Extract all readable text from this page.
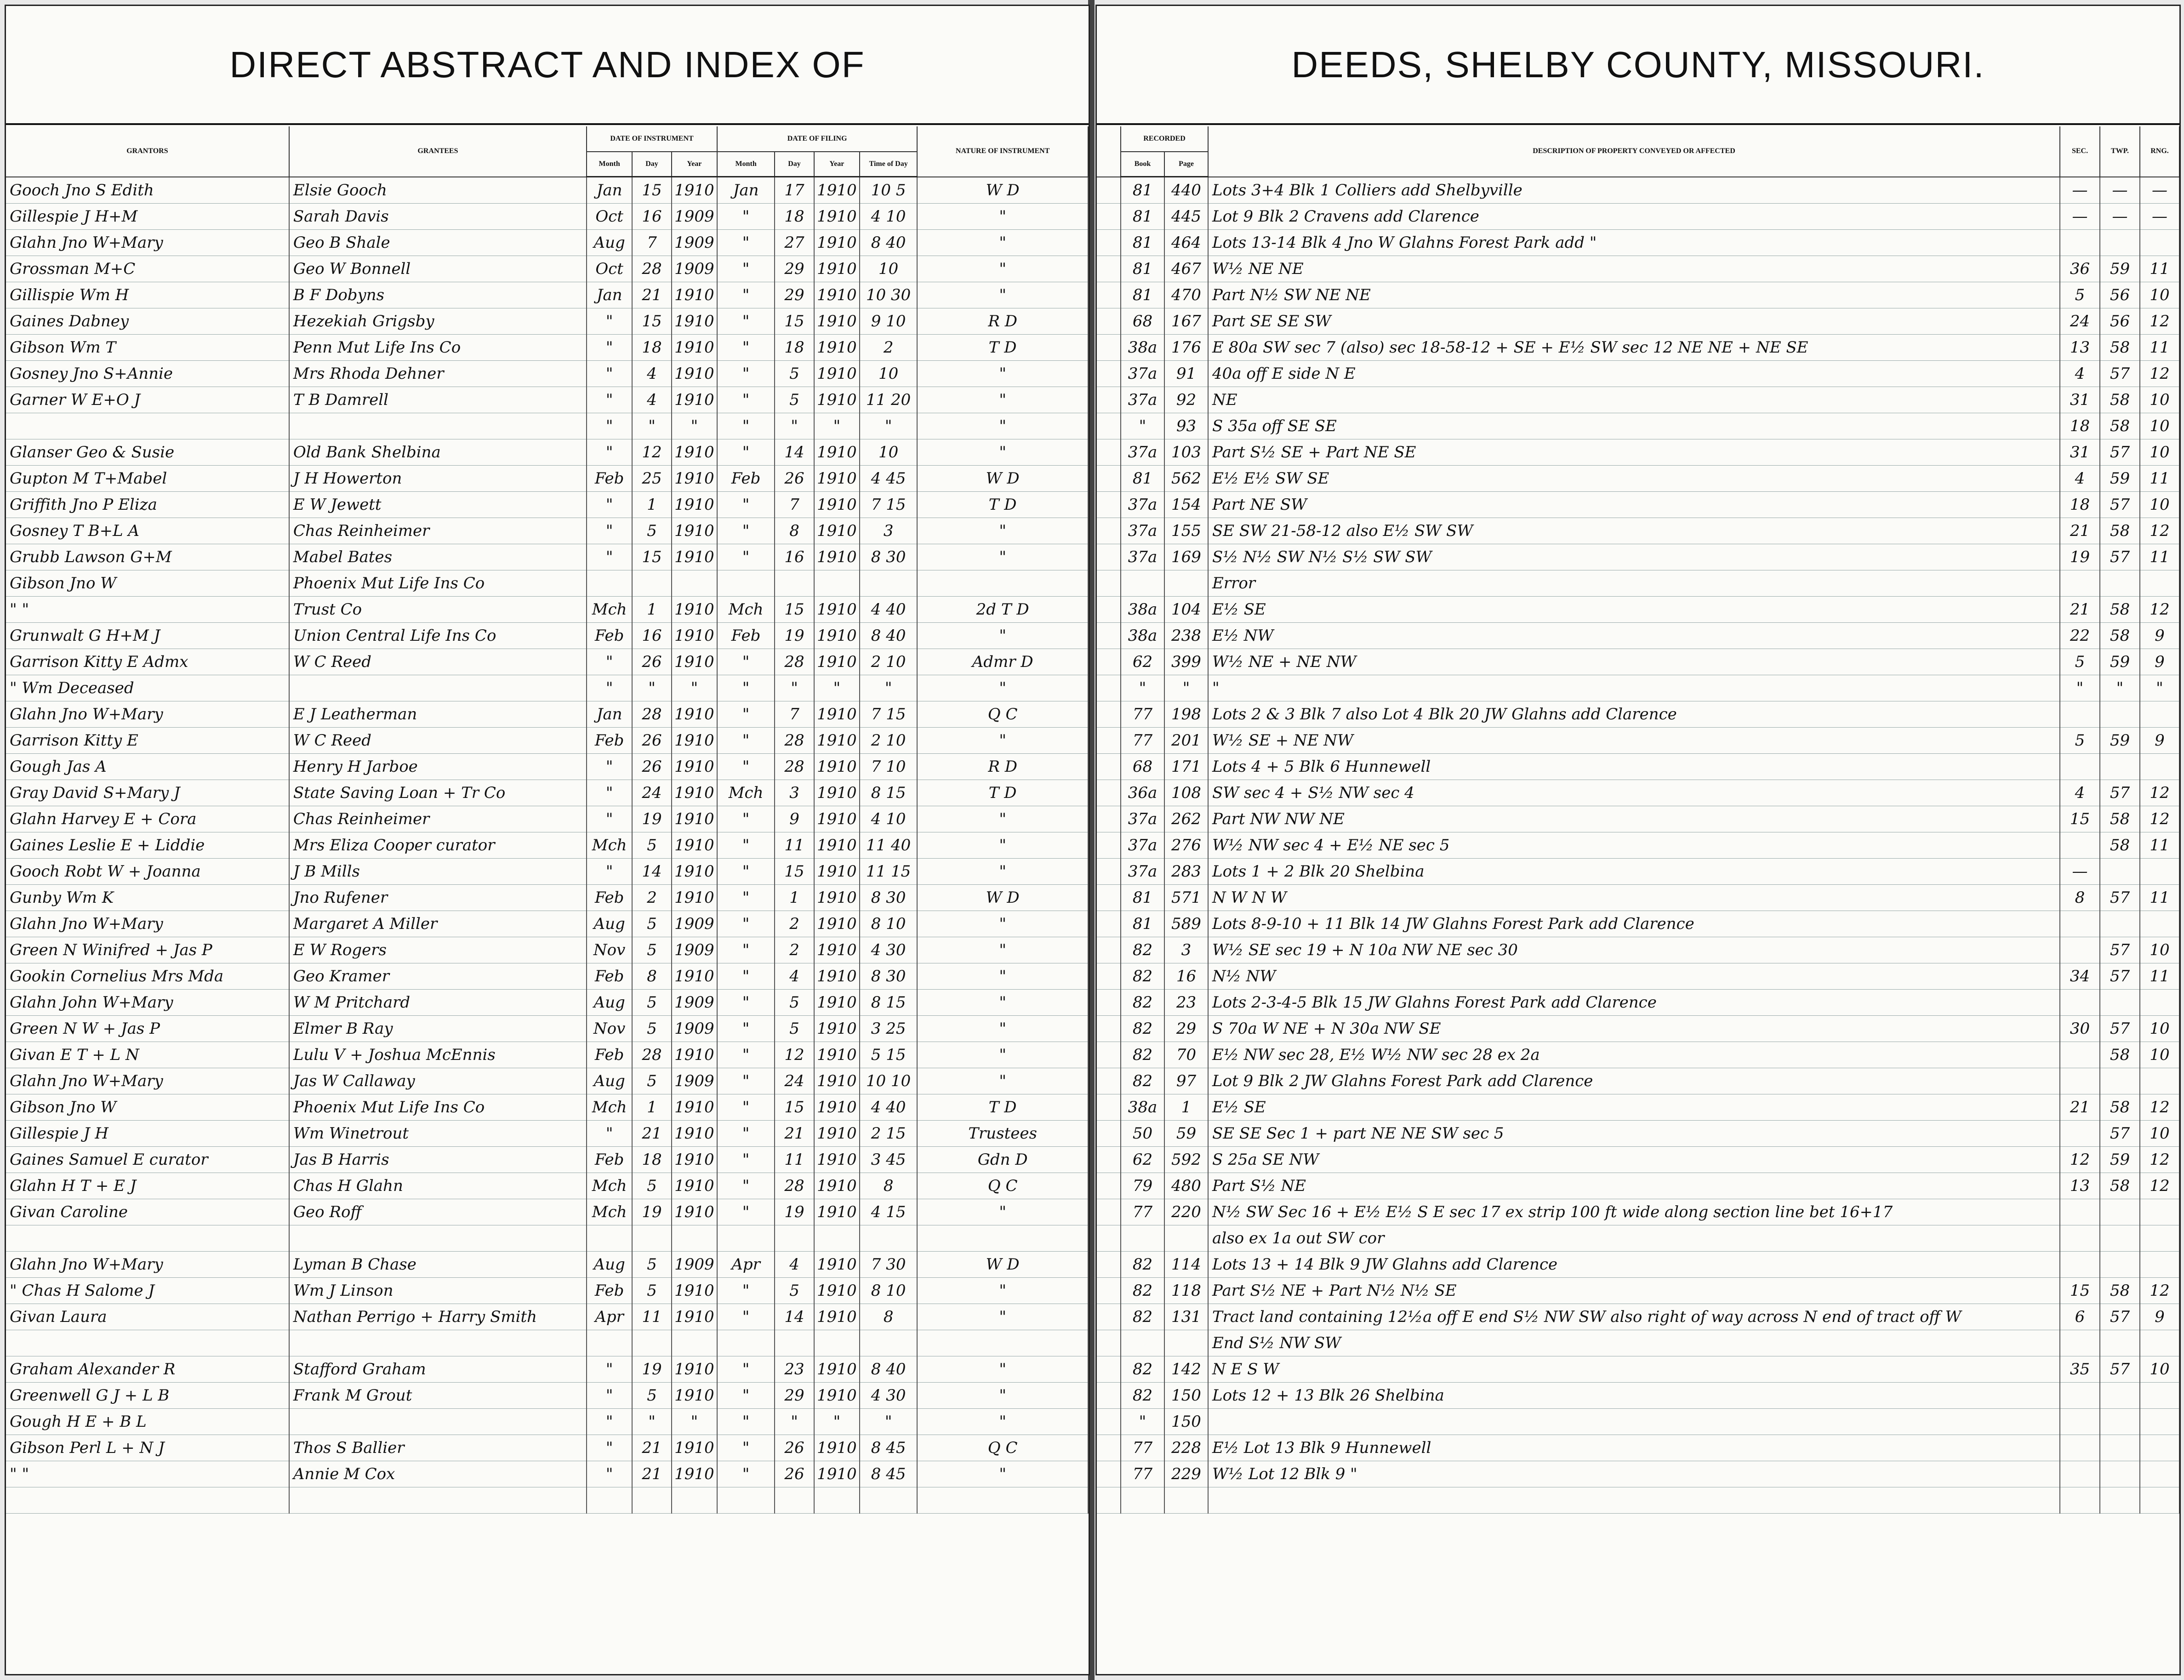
DIRECT ABSTRACT AND INDEX OF
GRANTORS	GRANTEES	DATE OF INSTRUMENT			DATE OF FILING				NATURE OF INSTRUMENT
		Month	Day	Year	Month	Day	Year	Time of Day	
Gooch Jno S Edith	Elsie Gooch	Jan	15	1910	Jan	17	1910	10 5	W D
Gillespie J H+M	Sarah Davis	Oct	16	1909	"	18	1910	4 10	"
Glahn Jno W+Mary	Geo B Shale	Aug	7	1909	"	27	1910	8 40	"
Grossman M+C	Geo W Bonnell	Oct	28	1909	"	29	1910	10	"
Gillispie Wm H	B F Dobyns	Jan	21	1910	"	29	1910	10 30	"
Gaines Dabney	Hezekiah Grigsby	"	15	1910	"	15	1910	9 10	R D
Gibson Wm T	Penn Mut Life Ins Co	"	18	1910	"	18	1910	2	T D
Gosney Jno S+Annie	Mrs Rhoda Dehner	"	4	1910	"	5	1910	10	"
Garner W E+O J	T B Damrell	"	4	1910	"	5	1910	11 20	"
		"	"	"	"	"	"	"	"
Glanser Geo & Susie	Old Bank Shelbina	"	12	1910	"	14	1910	10	"
Gupton M T+Mabel	J H Howerton	Feb	25	1910	Feb	26	1910	4 45	W D
Griffith Jno P Eliza	E W Jewett	"	1	1910	"	7	1910	7 15	T D
Gosney T B+L A	Chas Reinheimer	"	5	1910	"	8	1910	3	"
Grubb Lawson G+M	Mabel Bates	"	15	1910	"	16	1910	8 30	"
Gibson Jno W	Phoenix Mut Life Ins Co								
" "	Trust Co	Mch	1	1910	Mch	15	1910	4 40	2d T D
Grunwalt G H+M J	Union Central Life Ins Co	Feb	16	1910	Feb	19	1910	8 40	"
Garrison Kitty E Admx	W C Reed	"	26	1910	"	28	1910	2 10	Admr D
" Wm Deceased		"	"	"	"	"	"	"	"
Glahn Jno W+Mary	E J Leatherman	Jan	28	1910	"	7	1910	7 15	Q C
Garrison Kitty E	W C Reed	Feb	26	1910	"	28	1910	2 10	"
Gough Jas A	Henry H Jarboe	"	26	1910	"	28	1910	7 10	R D
Gray David S+Mary J	State Saving Loan + Tr Co	"	24	1910	Mch	3	1910	8 15	T D
Glahn Harvey E + Cora	Chas Reinheimer	"	19	1910	"	9	1910	4 10	"
Gaines Leslie E + Liddie	Mrs Eliza Cooper curator	Mch	5	1910	"	11	1910	11 40	"
Gooch Robt W + Joanna	J B Mills	"	14	1910	"	15	1910	11 15	"
Gunby Wm K	Jno Rufener	Feb	2	1910	"	1	1910	8 30	W D
Glahn Jno W+Mary	Margaret A Miller	Aug	5	1909	"	2	1910	8 10	"
Green N Winifred + Jas P	E W Rogers	Nov	5	1909	"	2	1910	4 30	"
Gookin Cornelius Mrs Mda	Geo Kramer	Feb	8	1910	"	4	1910	8 30	"
Glahn John W+Mary	W M Pritchard	Aug	5	1909	"	5	1910	8 15	"
Green N W + Jas P	Elmer B Ray	Nov	5	1909	"	5	1910	3 25	"
Givan E T + L N	Lulu V + Joshua McEnnis	Feb	28	1910	"	12	1910	5 15	"
Glahn Jno W+Mary	Jas W Callaway	Aug	5	1909	"	24	1910	10 10	"
Gibson Jno W	Phoenix Mut Life Ins Co	Mch	1	1910	"	15	1910	4 40	T D
Gillespie J H	Wm Winetrout	"	21	1910	"	21	1910	2 15	Trustees
Gaines Samuel E curator	Jas B Harris	Feb	18	1910	"	11	1910	3 45	Gdn D
Glahn H T + E J	Chas H Glahn	Mch	5	1910	"	28	1910	8	Q C
Givan Caroline	Geo Roff	Mch	19	1910	"	19	1910	4 15	"

Glahn Jno W+Mary	Lyman B Chase	Aug	5	1909	Apr	4	1910	7 30	W D
" Chas H Salome J	Wm J Linson	Feb	5	1910	"	5	1910	8 10	"
Givan Laura	Nathan Perrigo + Harry Smith	Apr	11	1910	"	14	1910	8	"

Graham Alexander R	Stafford Graham	"	19	1910	"	23	1910	8 40	"
Greenwell G J + L B	Frank M Grout	"	5	1910	"	29	1910	4 30	"
Gough H E + B L		"	"	"	"	"	"	"	"
Gibson Perl L + N J	Thos S Ballier	"	21	1910	"	26	1910	8 45	Q C
" "	Annie M Cox	"	21	1910	"	26	1910	8 45	"

DEEDS, SHELBY COUNTY, MISSOURI.
	RECORDED		DESCRIPTION OF PROPERTY CONVEYED OR AFFECTED	SEC.	TWP.	RNG.
	Book	Page				
	81	440	Lots 3+4 Blk 1 Colliers add Shelbyville	—	—	—
	81	445	Lot 9 Blk 2 Cravens add Clarence	—	—	—
	81	464	Lots 13-14 Blk 4 Jno W Glahns Forest Park add "			
	81	467	W½ NE NE	36	59	11
	81	470	Part N½ SW NE NE	5	56	10
	68	167	Part SE SE SW	24	56	12
	38a	176	E 80a SW sec 7 (also) sec 18-58-12 + SE + E½ SW sec 12 NE NE + NE SE	13	58	11
	37a	91	40a off E side N E	4	57	12
	37a	92	NE	31	58	10
	"	93	S 35a off SE SE	18	58	10
	37a	103	Part S½ SE + Part NE SE	31	57	10
	81	562	E½ E½ SW SE	4	59	11
	37a	154	Part NE SW	18	57	10
	37a	155	SE SW 21-58-12 also E½ SW SW	21	58	12
	37a	169	S½ N½ SW N½ S½ SW SW	19	57	11
			Error			
	38a	104	E½ SE	21	58	12
	38a	238	E½ NW	22	58	9
	62	399	W½ NE + NE NW	5	59	9
	"	"	"	"	"	"
	77	198	Lots 2 & 3 Blk 7 also Lot 4 Blk 20 JW Glahns add Clarence			
	77	201	W½ SE + NE NW	5	59	9
	68	171	Lots 4 + 5 Blk 6 Hunnewell			
	36a	108	SW sec 4 + S½ NW sec 4	4	57	12
	37a	262	Part NW NW NE	15	58	12
	37a	276	W½ NW sec 4 + E½ NE sec 5		58	11
	37a	283	Lots 1 + 2 Blk 20 Shelbina	—		
	81	571	N W N W	8	57	11
	81	589	Lots 8-9-10 + 11 Blk 14 JW Glahns Forest Park add Clarence			
	82	3	W½ SE sec 19 + N 10a NW NE sec 30		57	10
	82	16	N½ NW	34	57	11
	82	23	Lots 2-3-4-5 Blk 15 JW Glahns Forest Park add Clarence			
	82	29	S 70a W NE + N 30a NW SE	30	57	10
	82	70	E½ NW sec 28, E½ W½ NW sec 28 ex 2a		58	10
	82	97	Lot 9 Blk 2 JW Glahns Forest Park add Clarence			
	38a	1	E½ SE	21	58	12
	50	59	SE SE Sec 1 + part NE NE SW sec 5		57	10
	62	592	S 25a SE NW	12	59	12
	79	480	Part S½ NE	13	58	12
	77	220	N½ SW Sec 16 + E½ E½ S E sec 17 ex strip 100 ft wide along section line bet 16+17			
			also ex 1a out SW cor			
	82	114	Lots 13 + 14 Blk 9 JW Glahns add Clarence			
	82	118	Part S½ NE + Part N½ N½ SE	15	58	12
	82	131	Tract land containing 12½a off E end S½ NW SW also right of way across N end of tract off W	6	57	9
			End S½ NW SW			
	82	142	N E S W	35	57	10
	82	150	Lots 12 + 13 Blk 26 Shelbina			
	"	150				
	77	228	E½ Lot 13 Blk 9 Hunnewell			
	77	229	W½ Lot 12 Blk 9 "			
